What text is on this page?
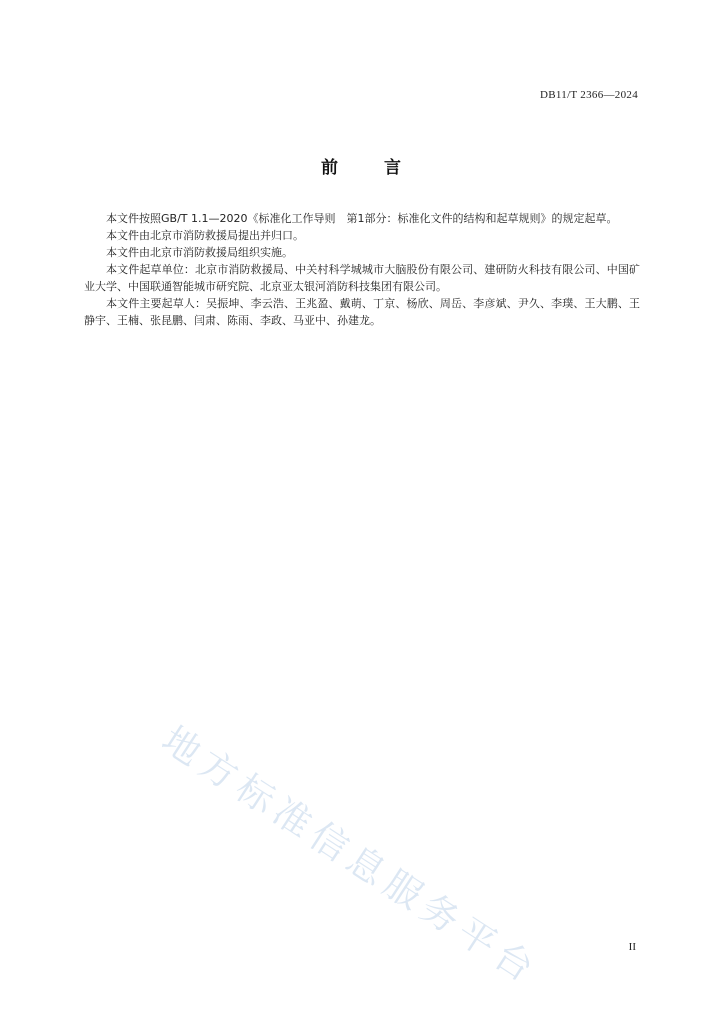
DB11/T 2366—2024
前	言

本文件按照GB/T 1.1—2020《标准化工作导则　第1部分：标准化文件的结构和起草规则》的规定起草。

本文件由北京市消防救援局提出并归口。

本文件由北京市消防救援局组织实施。

本文件起草单位：北京市消防救援局、中关村科学城城市大脑股份有限公司、建研防火科技有限公司、中国矿业大学、中国联通智能城市研究院、北京亚太银河消防科技集团有限公司。

本文件主要起草人：吴振坤、李云浩、王兆盈、戴萌、丁京、杨欣、周岳、李彦斌、尹久、李璞、王大鹏、王静宇、王楠、张昆鹏、闫肃、陈雨、李政、马亚中、孙建龙。

地方标准信息服务平台	II
